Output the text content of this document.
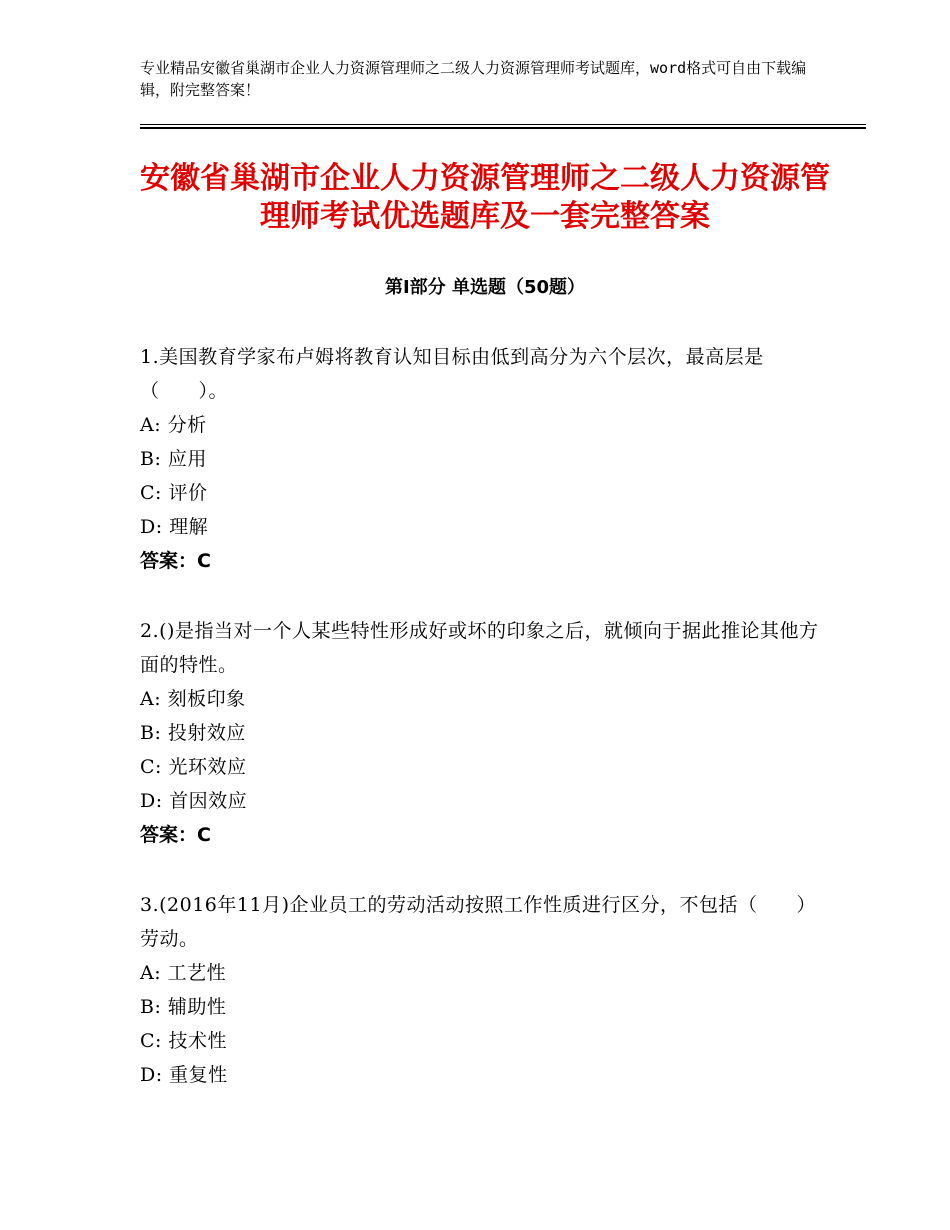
专业精品安徽省巢湖市企业人力资源管理师之二级人力资源管理师考试题库，word格式可自由下载编辑，附完整答案！
安徽省巢湖市企业人力资源管理师之二级人力资源管理师考试优选题库及一套完整答案
第Ⅰ部分 单选题（50题）
1.美国教育学家布卢姆将教育认知目标由低到高分为六个层次，最高层是（　　）。
A: 分析
B: 应用
C: 评价
D: 理解
答案：C
2.()是指当对一个人某些特性形成好或坏的印象之后，就倾向于据此推论其他方面的特性。
A: 刻板印象
B: 投射效应
C: 光环效应
D: 首因效应
答案：C
3.(2016年11月)企业员工的劳动活动按照工作性质进行区分，不包括（　　）劳动。
A: 工艺性
B: 辅助性
C: 技术性
D: 重复性
